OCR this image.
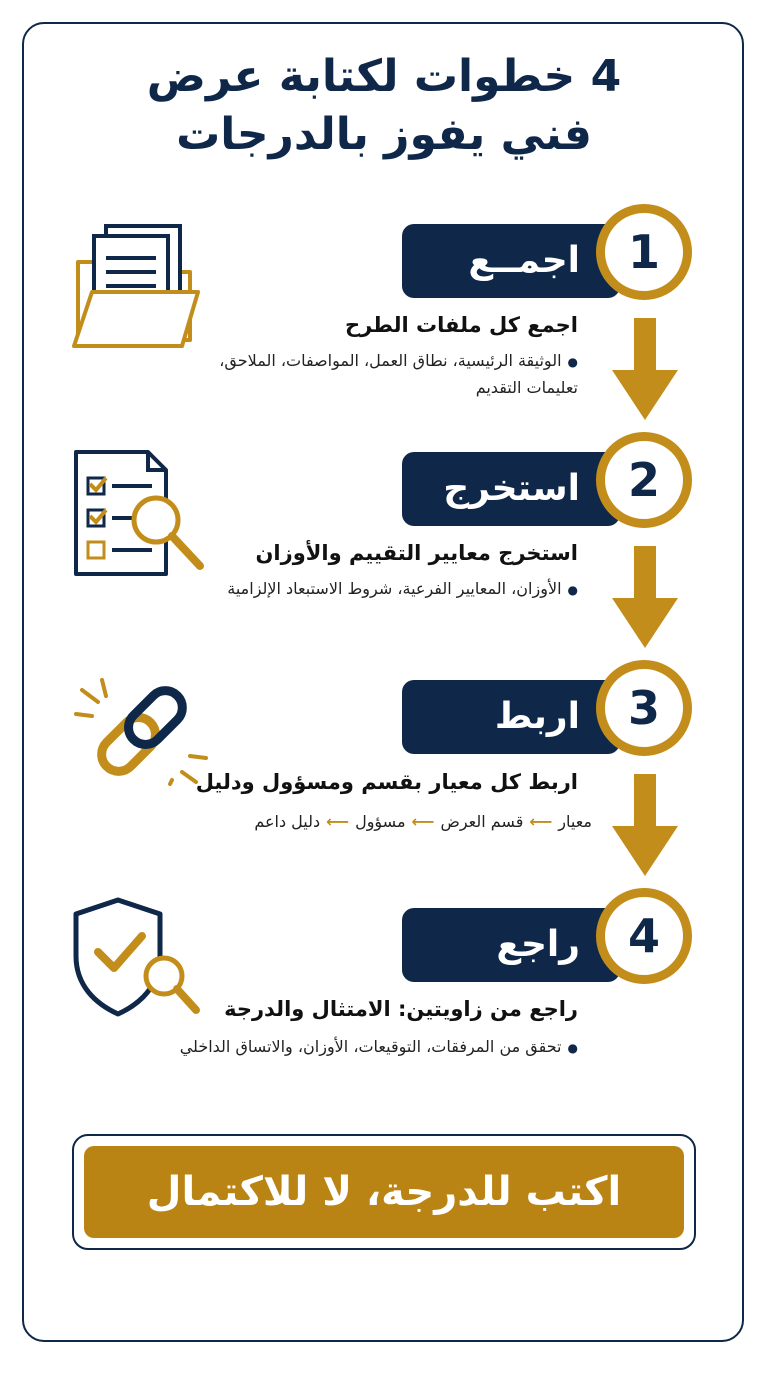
4 خطوات لكتابة عرض
فني يفوز بالدرجات
اجمــع	1
اجمع كل ملفات الطرح
●الوثيقة الرئيسية، نطاق العمل، المواصفات، الملاحق، تعليمات التقديم
استخرج	2
استخرج معايير التقييم والأوزان
●الأوزان، المعايير الفرعية، شروط الاستبعاد الإلزامية
اربط	3
اربط كل معيار بقسم ومسؤول ودليل
معيار⟵قسم العرض⟵مسؤول⟵دليل داعم
راجع	4
راجع من زاويتين: الامتثال والدرجة
●تحقق من المرفقات، التوقيعات، الأوزان، والاتساق الداخلي
اكتب للدرجة، لا للاكتمال
